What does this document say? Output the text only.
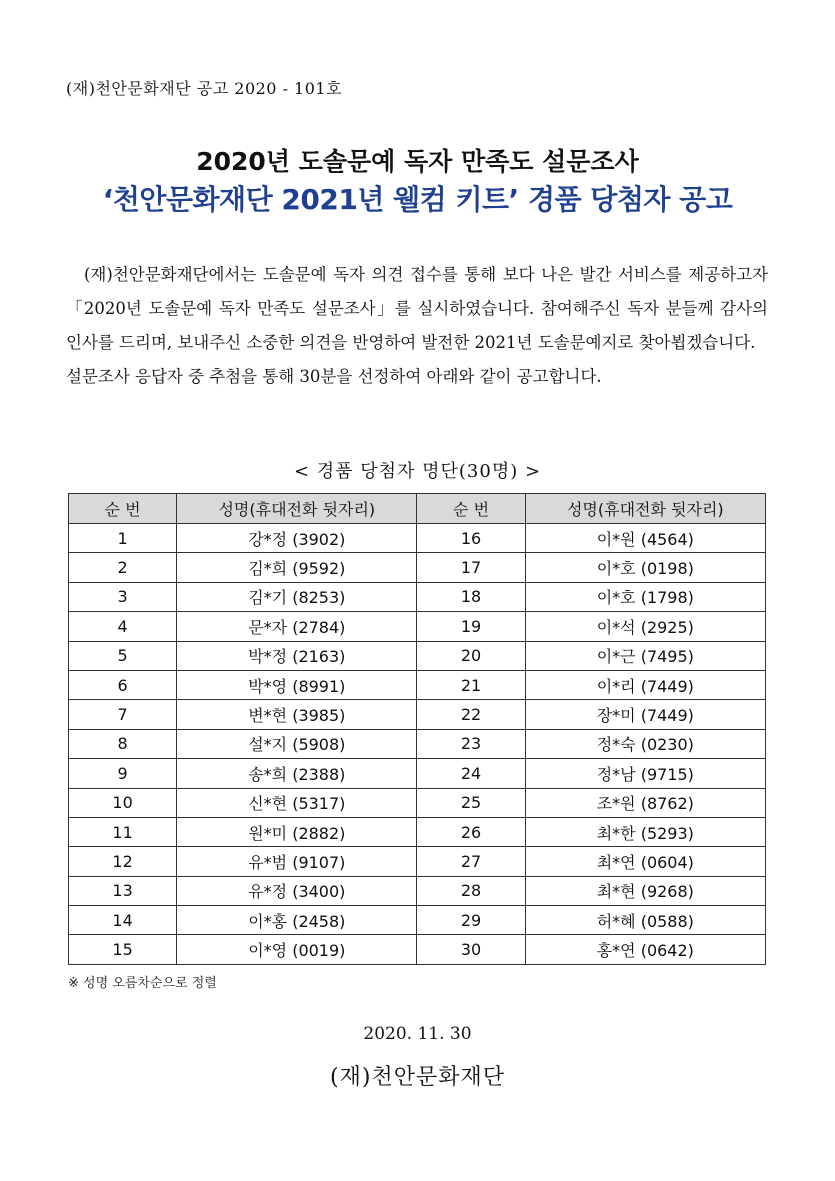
(재)천안문화재단 공고 2020 - 101호
2020년 도솔문예 독자 만족도 설문조사
‘천안문화재단 2021년 웰컴 키트’ 경품 당첨자 공고

(재)천안문화재단에서는 도솔문예 독자 의견 접수를 통해 보다 나은 발간 서비스를 제공하고자 「2020년 도솔문예 독자 만족도 설문조사」를 실시하였습니다. 참여해주신 독자 분들께 감사의 인사를 드리며, 보내주신 소중한 의견을 반영하여 발전한 2021년 도솔문예지로 찾아뵙겠습니다.

설문조사 응답자 중 추첨을 통해 30분을 선정하여 아래와 같이 공고합니다.

< 경품 당첨자 명단(30명) >
순 번	성명(휴대전화 뒷자리)	순 번	성명(휴대전화 뒷자리)
1	강*정 (3902)	16	이*원 (4564)
2	김*희 (9592)	17	이*호 (0198)
3	김*기 (8253)	18	이*호 (1798)
4	문*자 (2784)	19	이*석 (2925)
5	박*정 (2163)	20	이*근 (7495)
6	박*영 (8991)	21	이*리 (7449)
7	변*현 (3985)	22	장*미 (7449)
8	설*지 (5908)	23	정*숙 (0230)
9	송*희 (2388)	24	정*남 (9715)
10	신*현 (5317)	25	조*원 (8762)
11	원*미 (2882)	26	최*한 (5293)
12	유*범 (9107)	27	최*연 (0604)
13	유*정 (3400)	28	최*현 (9268)
14	이*홍 (2458)	29	허*혜 (0588)
15	이*영 (0019)	30	홍*연 (0642)
※ 성명 오름차순으로 정렬
2020. 11. 30
(재)천안문화재단
